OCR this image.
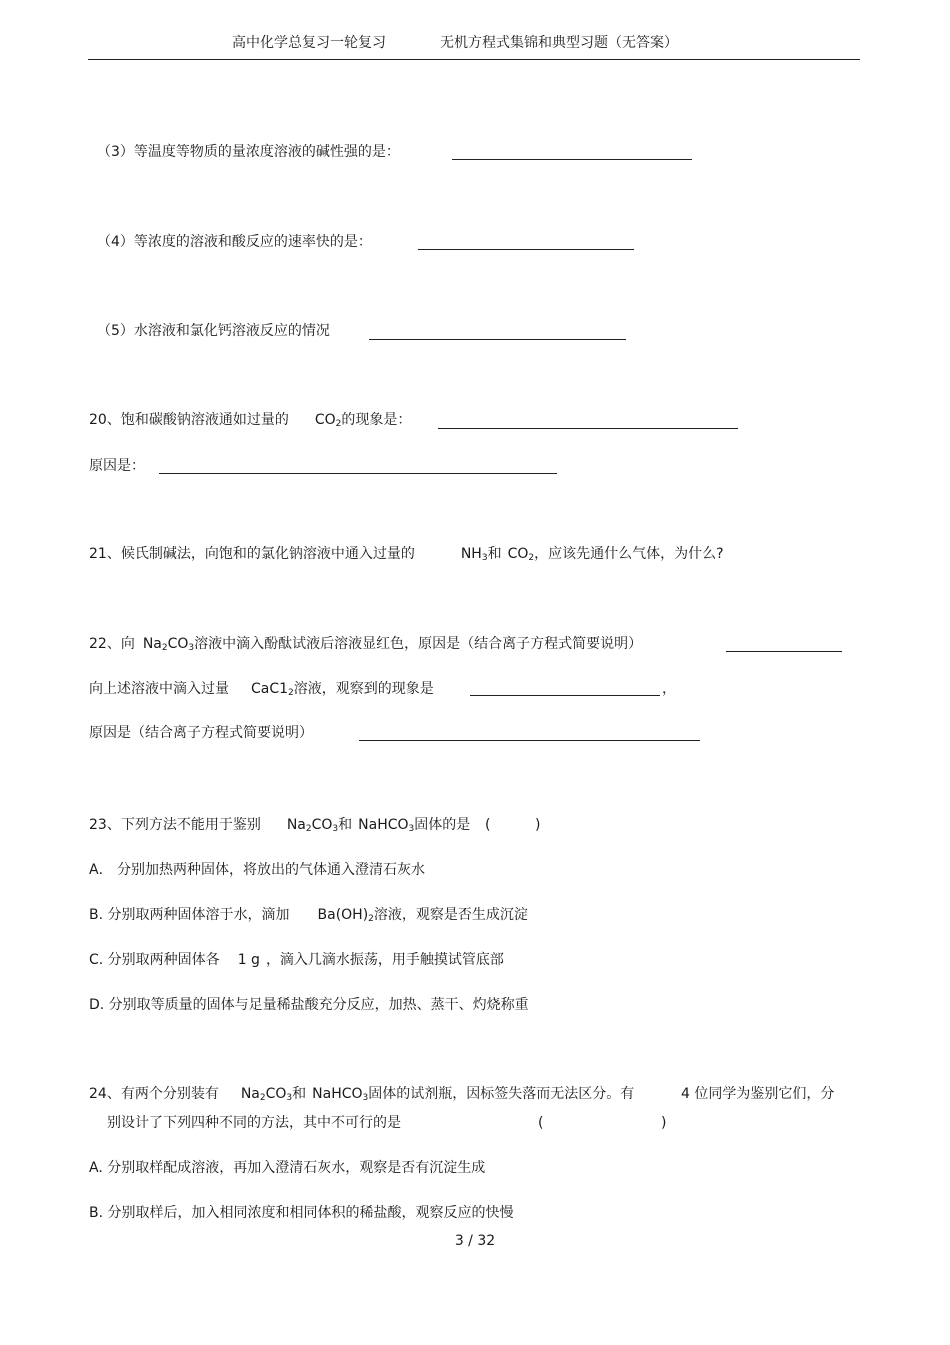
高中化学总复习一轮复习	无机方程式集锦和典型习题（无答案）
（3）等温度等物质的量浓度溶液的碱性强的是：
（4）等浓度的溶液和酸反应的速率快的是：
（5）水溶液和氯化钙溶液反应的情况
20、饱和碳酸钠溶液通如过量的 $CO_2$的现象是：
原因是：
21、候氏制碱法，向饱和的氯化钠溶液中通入过量的	$NH_3$和 $CO_2$，应该先通什么气体，为什么?
22、向 $Na_2CO_3$溶液中滴入酚酞试液后溶液显红色，原因是（结合离子方程式简要说明）
向上述溶液中滴入过量 $CaC1_2$溶液，观察到的现象是	，
原因是（结合离子方程式简要说明）
23、下列方法不能用于鉴别 $Na_2CO_3$和 NaHCO$_3$固体的是 (	)
A． 分别加热两种固体，将放出的气体通入澄清石灰水
B. 分别取两种固体溶于水，滴加 $Ba(OH)_2$溶液，观察是否生成沉淀
C. 分别取两种固体各 1 g ，滴入几滴水振荡，用手触摸试管底部
D. 分别取等质量的固体与足量稀盐酸充分反应，加热、蒸干、灼烧称重
24、有两个分别装有 $Na_2CO_3$和 NaHCO$_3$固体的试剂瓶，因标签失落而无法区分。有	4 位同学为鉴别它们，分
别设计了下列四种不同的方法，其中不可行的是	(	)
A. 分别取样配成溶液，再加入澄清石灰水，观察是否有沉淀生成
B. 分别取样后，加入相同浓度和相同体积的稀盐酸，观察反应的快慢
3 / 32
